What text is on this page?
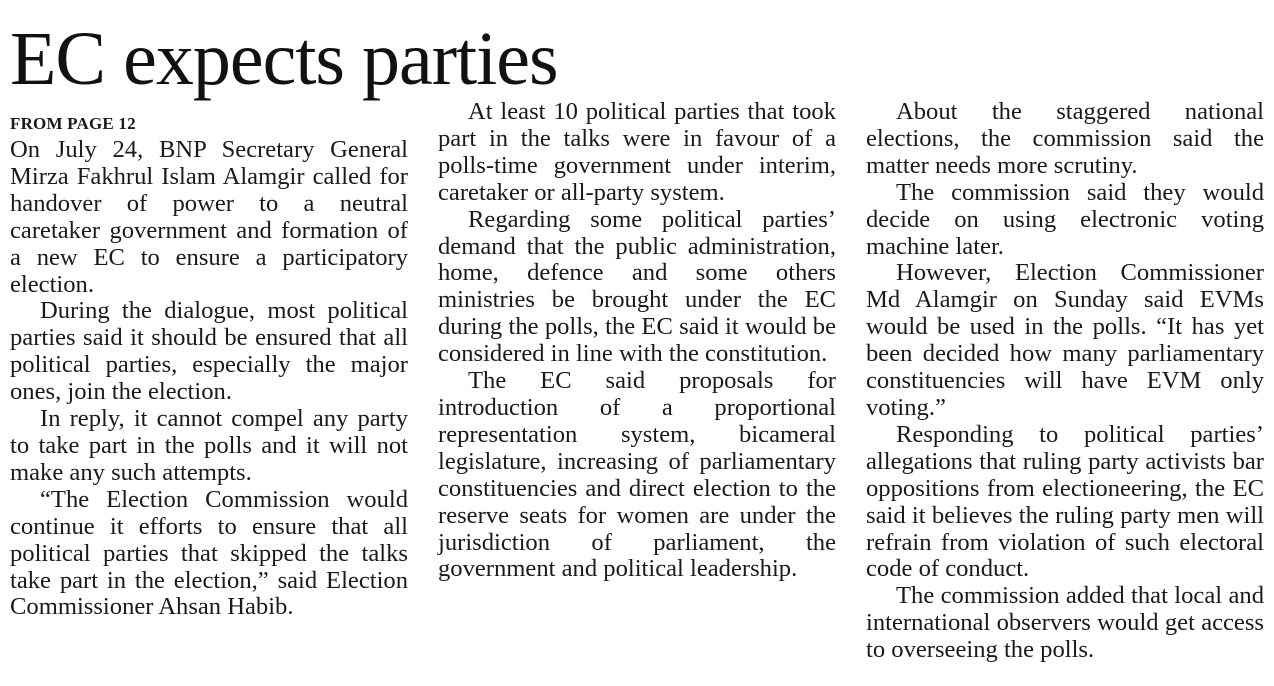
EC expects parties
FROM PAGE 12

On July 24, BNP Secretary General Mirza Fakhrul Islam Alamgir called for handover of power to a neutral caretaker government and formation of a new EC to ensure a participatory election.

During the dialogue, most political parties said it should be ensured that all political parties, especially the major ones, join the election.

In reply, it cannot compel any party to take part in the polls and it will not make any such attempts.

“The Election Commission would continue it efforts to ensure that all political parties that skipped the talks take part in the election,” said Election Commissioner Ahsan Habib.

At least 10 political parties that took part in the talks were in favour of a polls-time government under interim, caretaker or all-party system.

Regarding some political parties’ demand that the public administration, home, defence and some others ministries be brought under the EC during the polls, the EC said it would be considered in line with the constitution.

The EC said proposals for introduction of a proportional representation system, bicameral legislature, increasing of parliamentary constituencies and direct election to the reserve seats for women are under the jurisdiction of parliament, the government and political leadership.

About the staggered national elections, the commission said the matter needs more scrutiny.

The commission said they would decide on using electronic voting machine later.

However, Election Commissioner Md Alamgir on Sunday said EVMs would be used in the polls. “It has yet been decided how many parliamentary constituencies will have EVM only voting.”

Responding to political parties’ allegations that ruling party activists bar oppositions from electioneering, the EC said it believes the ruling party men will refrain from violation of such electoral code of conduct.

The commission added that local and international observers would get access to overseeing the polls.
